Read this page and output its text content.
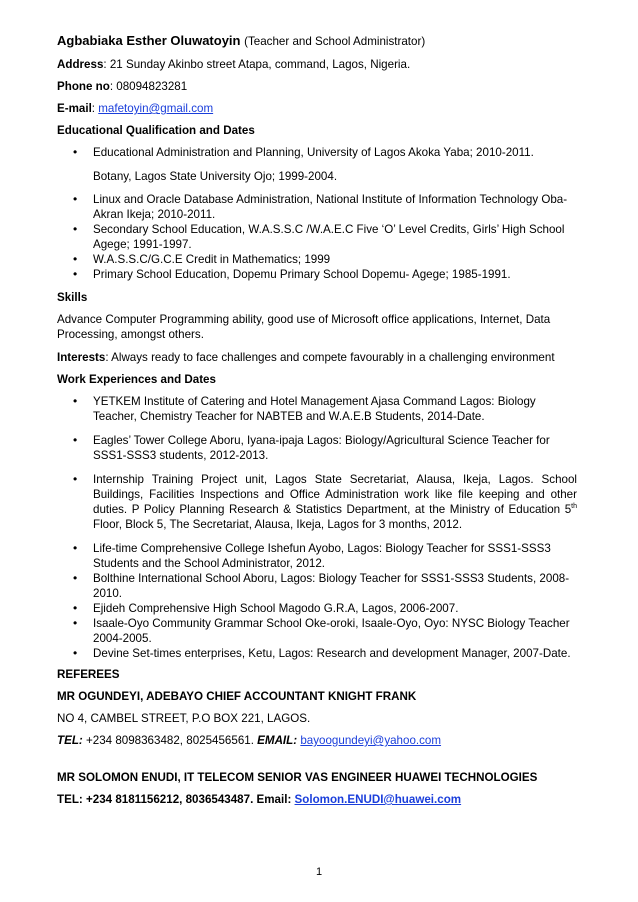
Agbabiaka Esther Oluwatoyin (Teacher and School Administrator)
Address: 21 Sunday Akinbo street Atapa, command, Lagos, Nigeria.
Phone no: 08094823281
E-mail: mafetoyin@gmail.com
Educational Qualification and Dates
• Educational Administration and Planning, University of Lagos Akoka Yaba; 2010-2011.
Botany, Lagos State University Ojo; 1999-2004.
• Linux and Oracle Database Administration, National Institute of Information Technology Oba-Akran Ikeja; 2010-2011.
• Secondary School Education, W.A.S.S.C /W.A.E.C Five ‘O’ Level Credits, Girls’ High School Agege; 1991-1997.
• W.A.S.S.C/G.C.E Credit in Mathematics; 1999
• Primary School Education, Dopemu Primary School Dopemu- Agege; 1985-1991.
Skills
Advance Computer Programming ability, good use of Microsoft office applications, Internet, Data Processing, amongst others.
Interests: Always ready to face challenges and compete favourably in a challenging environment
Work Experiences and Dates
• YETKEM Institute of Catering and Hotel Management Ajasa Command Lagos: Biology Teacher, Chemistry Teacher for NABTEB and W.A.E.B Students, 2014-Date.
• Eagles’ Tower College Aboru, Iyana-ipaja Lagos: Biology/Agricultural Science Teacher for SSS1-SSS3 students, 2012-2013.
• Internship Training Project unit, Lagos State Secretariat, Alausa, Ikeja, Lagos. School Buildings, Facilities Inspections and Office Administration work like file keeping and other duties. P Policy Planning Research & Statistics Department, at the Ministry of Education 5th Floor, Block 5, The Secretariat, Alausa, Ikeja, Lagos for 3 months, 2012.
• Life-time Comprehensive College Ishefun Ayobo, Lagos: Biology Teacher for SSS1-SSS3 Students and the School Administrator, 2012.
• Bolthine International School Aboru, Lagos: Biology Teacher for SSS1-SSS3 Students, 2008-2010.
• Ejideh Comprehensive High School Magodo G.R.A, Lagos, 2006-2007.
• Isaale-Oyo Community Grammar School Oke-oroki, Isaale-Oyo, Oyo: NYSC Biology Teacher 2004-2005.
• Devine Set-times enterprises, Ketu, Lagos: Research and development Manager, 2007-Date.
REFEREES
MR OGUNDEYI, ADEBAYO CHIEF ACCOUNTANT KNIGHT FRANK
NO 4, CAMBEL STREET, P.O BOX 221, LAGOS.
TEL: +234 8098363482, 8025456561. EMAIL: bayoogundeyi@yahoo.com
MR SOLOMON ENUDI, IT TELECOM SENIOR VAS ENGINEER HUAWEI TECHNOLOGIES
TEL: +234 8181156212, 8036543487. Email: Solomon.ENUDI@huawei.com
1
